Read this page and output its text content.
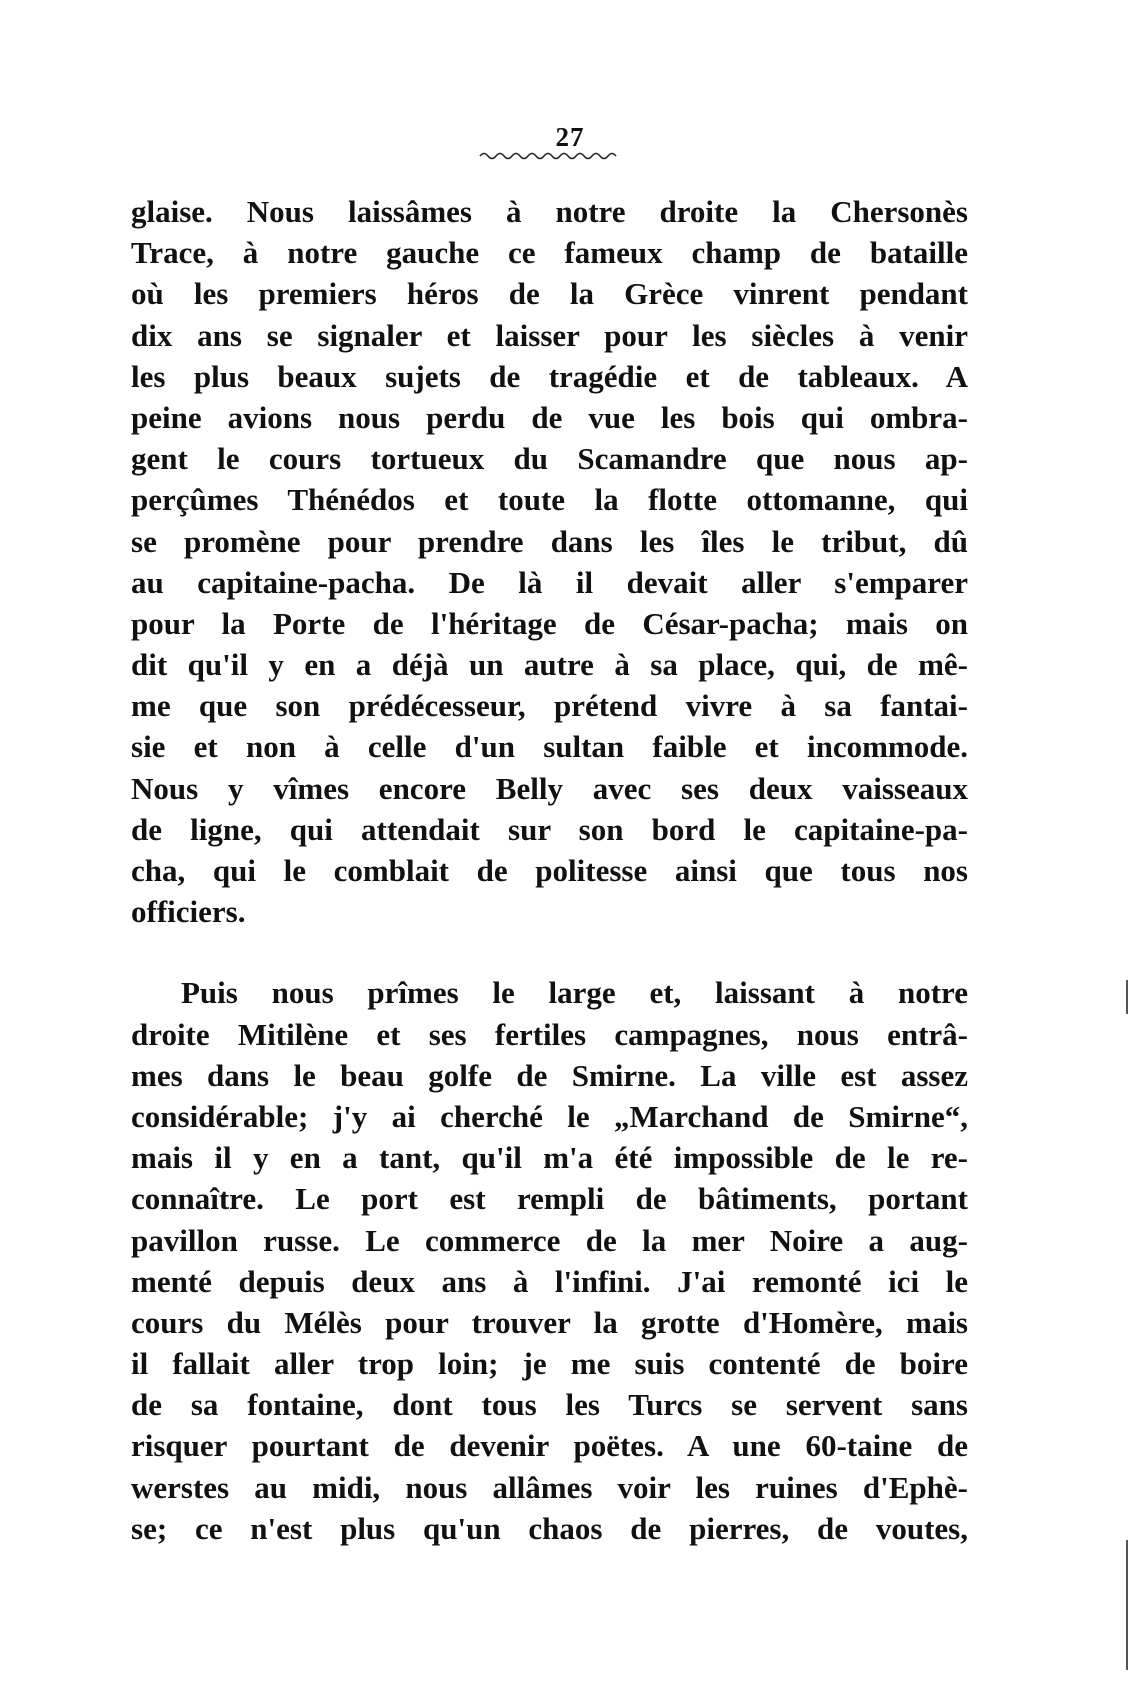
27
glaise. Nous laissâmes à notre droite la Chersonès
Trace, à notre gauche ce fameux champ de bataille
où les premiers héros de la Grèce vinrent pendant
dix ans se signaler et laisser pour les siècles à venir
les plus beaux sujets de tragédie et de tableaux. A
peine avions nous perdu de vue les bois qui ombra-
gent le cours tortueux du Scamandre que nous ap-
perçûmes Thénédos et toute la flotte ottomanne, qui
se promène pour prendre dans les îles le tribut, dû
au capitaine-pacha. De là il devait aller s'emparer
pour la Porte de l'héritage de César-pacha; mais on
dit qu'il y en a déjà un autre à sa place, qui, de mê-
me que son prédécesseur, prétend vivre à sa fantai-
sie et non à celle d'un sultan faible et incommode.
Nous y vîmes encore Belly avec ses deux vaisseaux
de ligne, qui attendait sur son bord le capitaine-pa-
cha, qui le comblait de politesse ainsi que tous nos
officiers.
Puis nous prîmes le large et, laissant à notre
droite Mitilène et ses fertiles campagnes, nous entrâ-
mes dans le beau golfe de Smirne. La ville est assez
considérable; j'y ai cherché le „Marchand de Smirne“,
mais il y en a tant, qu'il m'a été impossible de le re-
connaître. Le port est rempli de bâtiments, portant
pavillon russe. Le commerce de la mer Noire a aug-
menté depuis deux ans à l'infini. J'ai remonté ici le
cours du Mélès pour trouver la grotte d'Homère, mais
il fallait aller trop loin; je me suis contenté de boire
de sa fontaine, dont tous les Turcs se servent sans
risquer pourtant de devenir poëtes. A une 60-taine de
werstes au midi, nous allâmes voir les ruines d'Ephè-
se; ce n'est plus qu'un chaos de pierres, de voutes,
